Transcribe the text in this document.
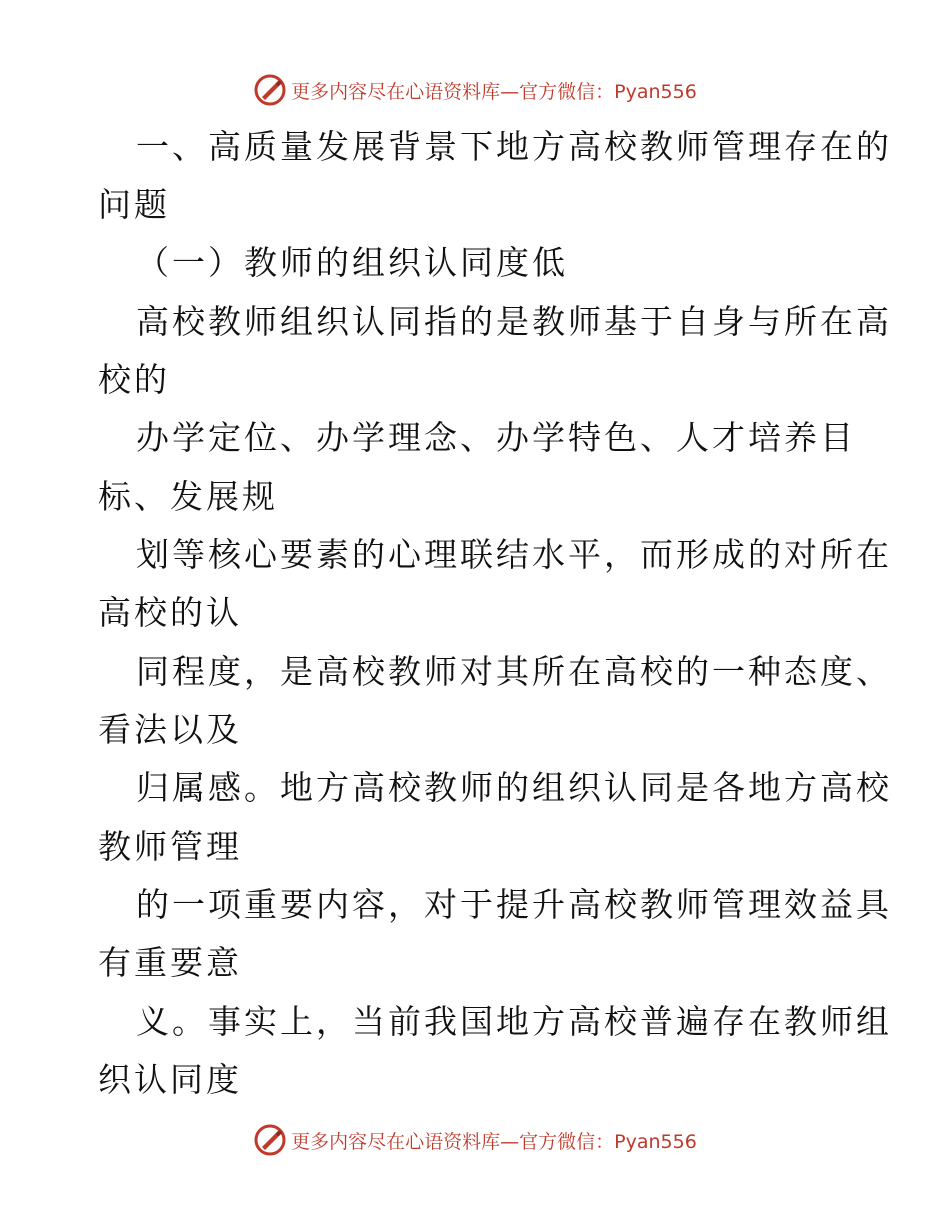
更多内容尽在心语资料库—官方微信：Pyan556
一、高质量发展背景下地方高校教师管理存在的
问题
（一）教师的组织认同度低
高校教师组织认同指的是教师基于自身与所在高
校的
办学定位、办学理念、办学特色、人才培养目
标、发展规
划等核心要素的心理联结水平，而形成的对所在
高校的认
同程度，是高校教师对其所在高校的一种态度、
看法以及
归属感。地方高校教师的组织认同是各地方高校
教师管理
的一项重要内容，对于提升高校教师管理效益具
有重要意
义。事实上，当前我国地方高校普遍存在教师组
织认同度
更多内容尽在心语资料库—官方微信：Pyan556
